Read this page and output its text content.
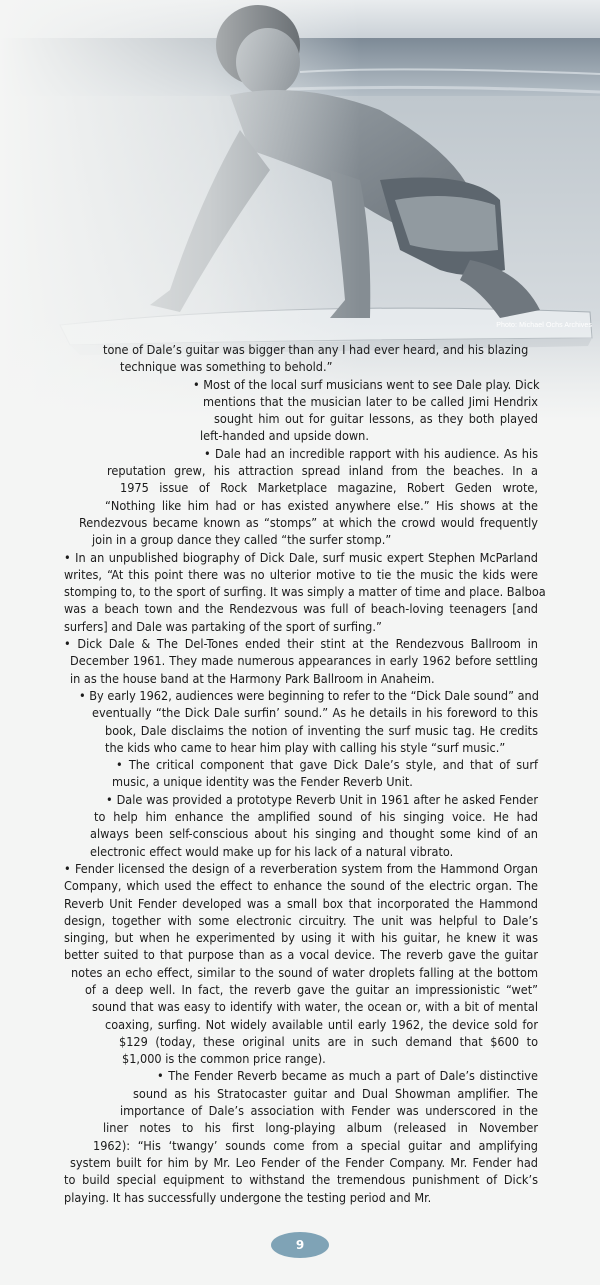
Photo: Michael Ochs Archives
tone of Dale’s guitar was bigger than any I had ever heard, and his blazing
technique was something to behold.”
• Most of the local surf musicians went to see Dale play. Dick
mentions that the musician later to be called Jimi Hendrix
sought him out for guitar lessons, as they both played
left-handed and upside down.
• Dale had an incredible rapport with his audience. As his
reputation grew, his attraction spread inland from the beaches. In a
1975 issue of Rock Marketplace magazine, Robert Geden wrote,
“Nothing like him had or has existed anywhere else.” His shows at the
Rendezvous became known as “stomps” at which the crowd would frequently
join in a group dance they called “the surfer stomp.”
• In an unpublished biography of Dick Dale, surf music expert Stephen McParland
writes, “At this point there was no ulterior motive to tie the music the kids were
stomping to, to the sport of surfing. It was simply a matter of time and place. Balboa
was a beach town and the Rendezvous was full of beach-loving teenagers [and
surfers] and Dale was partaking of the sport of surfing.”
• Dick Dale & The Del-Tones ended their stint at the Rendezvous Ballroom in
December 1961. They made numerous appearances in early 1962 before settling
in as the house band at the Harmony Park Ballroom in Anaheim.
• By early 1962, audiences were beginning to refer to the “Dick Dale sound” and
eventually “the Dick Dale surfin’ sound.” As he details in his foreword to this
book, Dale disclaims the notion of inventing the surf music tag. He credits
the kids who came to hear him play with calling his style “surf music.”
• The critical component that gave Dick Dale’s style, and that of surf
music, a unique identity was the Fender Reverb Unit.
• Dale was provided a prototype Reverb Unit in 1961 after he asked Fender
to help him enhance the amplified sound of his singing voice. He had
always been self-conscious about his singing and thought some kind of an
electronic effect would make up for his lack of a natural vibrato.
• Fender licensed the design of a reverberation system from the Hammond Organ
Company, which used the effect to enhance the sound of the electric organ. The
Reverb Unit Fender developed was a small box that incorporated the Hammond
design, together with some electronic circuitry. The unit was helpful to Dale’s
singing, but when he experimented by using it with his guitar, he knew it was
better suited to that purpose than as a vocal device. The reverb gave the guitar
notes an echo effect, similar to the sound of water droplets falling at the bottom
of a deep well. In fact, the reverb gave the guitar an impressionistic “wet”
sound that was easy to identify with water, the ocean or, with a bit of mental
coaxing, surfing. Not widely available until early 1962, the device sold for
$129 (today, these original units are in such demand that $600 to
$1,000 is the common price range).
• The Fender Reverb became as much a part of Dale’s distinctive
sound as his Stratocaster guitar and Dual Showman amplifier. The
importance of Dale’s association with Fender was underscored in the
liner notes to his first long-playing album (released in November
1962): “His ‘twangy’ sounds come from a special guitar and amplifying
system built for him by Mr. Leo Fender of the Fender Company. Mr. Fender had
to build special equipment to withstand the tremendous punishment of Dick’s
playing. It has successfully undergone the testing period and Mr.
9
